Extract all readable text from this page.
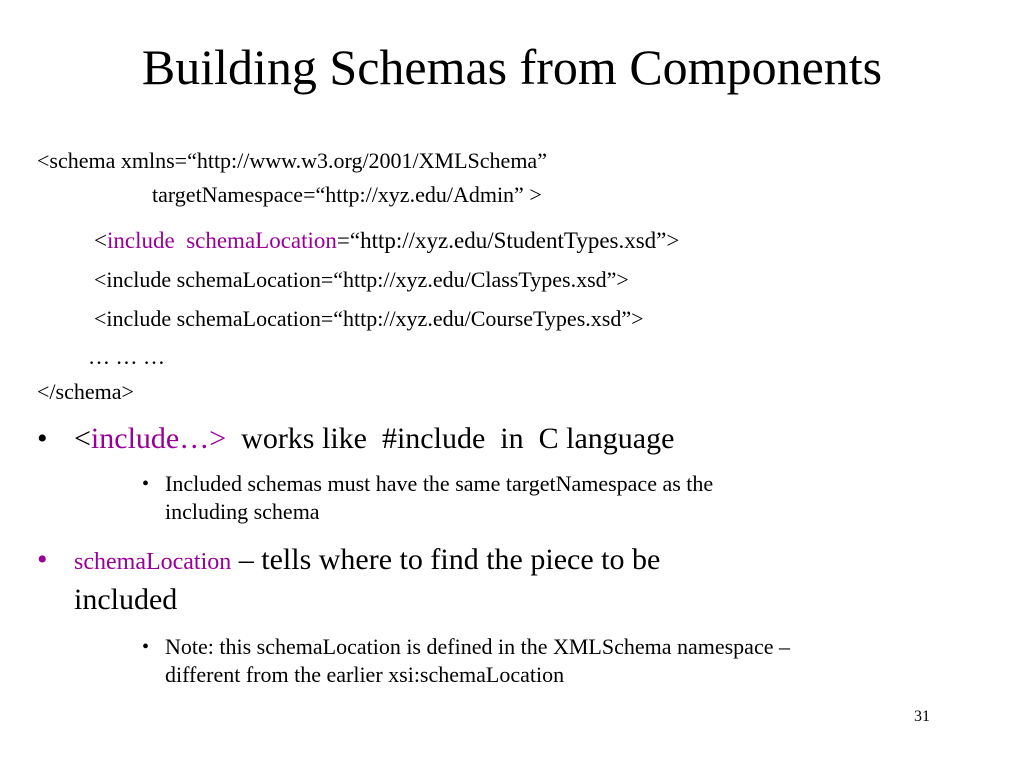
Building Schemas from Components
<schema xmlns=“http://www.w3.org/2001/XMLSchema”
targetNamespace=“http://xyz.edu/Admin” >
<include schemaLocation=“http://xyz.edu/StudentTypes.xsd”>
<include schemaLocation=“http://xyz.edu/ClassTypes.xsd”>
<include schemaLocation=“http://xyz.edu/CourseTypes.xsd”>
… … …
</schema>
• <include…>  works like  #include  in  C language
• Included schemas must have the same targetNamespace as the
including schema
• schemaLocation – tells where to find the piece to be
included
• Note: this schemaLocation is defined in the XMLSchema namespace –
different from the earlier xsi:schemaLocation
31
